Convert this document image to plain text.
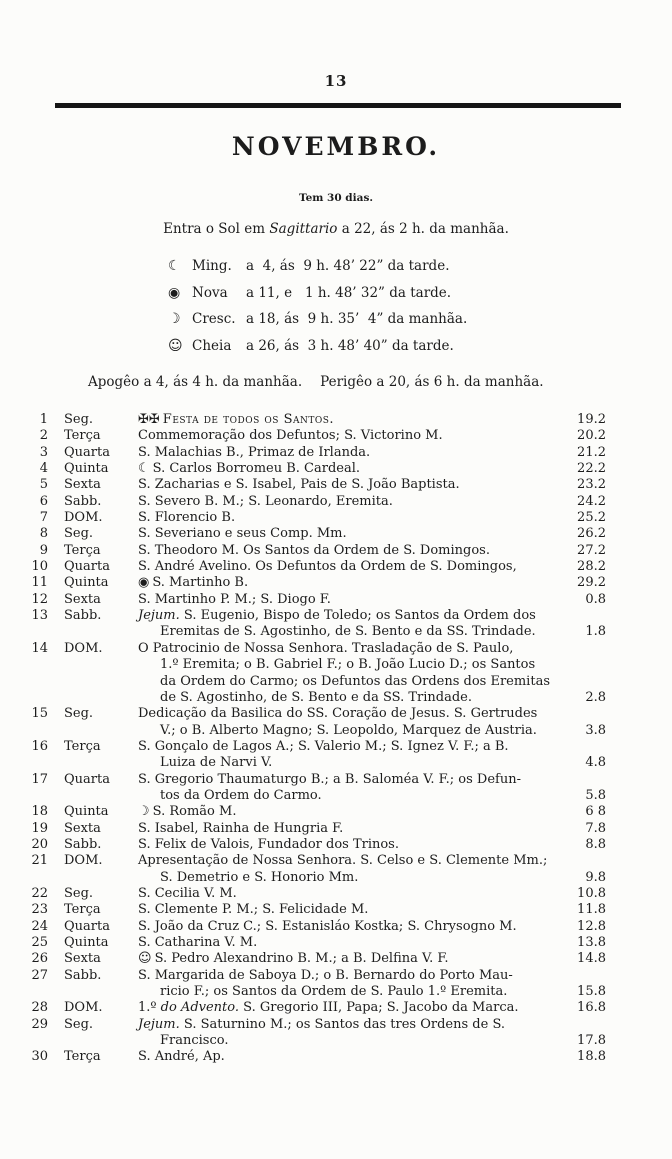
13
NOVEMBRO.
Tem 30 dias.
Entra o Sol em Sagittario a 22, ás 2 h. da manhãa.
☾ Ming.	a  4, ás  9 h. 48’ 22” da tarde.
◉ Nova	a 11, e   1 h. 48’ 32” da tarde.
☽ Cresc. a 18, ás  9 h. 35’  4” da manhãa.
☺ Cheia	a 26, ás  3 h. 48’ 40” da tarde.
Apogêo a 4, ás 4 h. da manhãa. Perigêo a 20, ás 6 h. da manhãa.
1	Seg.	✠✠ Festa de todos os Santos.	19.2
2	Terça	Commemoração dos Defuntos; S. Victorino M.	20.2
3	Quarta	S. Malachias B., Primaz de Irlanda.	21.2
4	Quinta	☾ S. Carlos Borromeu B. Cardeal.	22.2
5	Sexta	S. Zacharias e S. Isabel, Pais de S. João Baptista.	23.2
6	Sabb.	S. Severo B. M.; S. Leonardo, Eremita.	24.2
7	DOM.	S. Florencio B.	25.2
8	Seg.	S. Severiano e seus Comp. Mm.	26.2
9	Terça	S. Theodoro M. Os Santos da Ordem de S. Domingos.	27.2
10	Quarta	S. André Avelino. Os Defuntos da Ordem de S. Domingos,	28.2
11	Quinta	◉ S. Martinho B.	29.2
12	Sexta	S. Martinho P. M.; S. Diogo F.	0.8
13	Sabb.	Jejum. S. Eugenio, Bispo de Toledo; os Santos da Ordem dos
Eremitas de S. Agostinho, de S. Bento e da SS. Trindade.	1.8
14	DOM.	O Patrocinio de Nossa Senhora. Trasladação de S. Paulo,
1.º Eremita; o B. Gabriel F.; o B. João Lucio D.; os Santos
da Ordem do Carmo; os Defuntos das Ordens dos Eremitas
de S. Agostinho, de S. Bento e da SS. Trindade.	2.8
15	Seg.	Dedicação da Basilica do SS. Coração de Jesus. S. Gertrudes
V.; o B. Alberto Magno; S. Leopoldo, Marquez de Austria.	3.8
16	Terça	S. Gonçalo de Lagos A.; S. Valerio M.; S. Ignez V. F.; a B.
Luiza de Narvi V.	4.8
17	Quarta	S. Gregorio Thaumaturgo B.; a B. Saloméa V. F.; os Defun-
tos da Ordem do Carmo.	5.8
18	Quinta	☽ S. Romão M.	6 8
19	Sexta	S. Isabel, Rainha de Hungria F.	7.8
20	Sabb.	S. Felix de Valois, Fundador dos Trinos.	8.8
21	DOM.	Apresentação de Nossa Senhora. S. Celso e S. Clemente Mm.;
S. Demetrio e S. Honorio Mm.	9.8
22	Seg.	S. Cecilia V. M.	10.8
23	Terça	S. Clemente P. M.; S. Felicidade M.	11.8
24	Quarta	S. João da Cruz C.; S. Estanisláo Kostka; S. Chrysogno M.	12.8
25	Quinta	S. Catharina V. M.	13.8
26	Sexta	☺ S. Pedro Alexandrino B. M.; a B. Delfina V. F.	14.8
27	Sabb.	S. Margarida de Saboya D.; o B. Bernardo do Porto Mau-
ricio F.; os Santos da Ordem de S. Paulo 1.º Eremita.	15.8
28	DOM.	1.º do Advento. S. Gregorio III, Papa; S. Jacobo da Marca.	16.8
29	Seg.	Jejum. S. Saturnino M.; os Santos das tres Ordens de S.
Francisco.	17.8
30	Terça	S. André, Ap.	18.8
